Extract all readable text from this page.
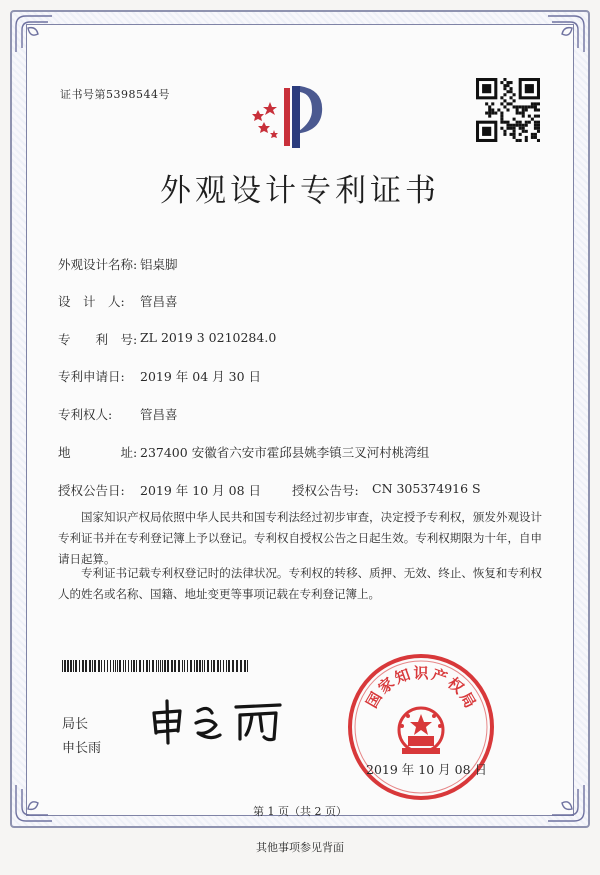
证书号第5398544号
外观设计专利证书
外观设计名称: 铝桌脚
设　计　人: 管昌喜
专　　利　号: ZL 2019 3 0210284.0
专利申请日: 2019 年 04 月 30 日
专利权人: 管昌喜
地　　　　址: 237400 安徽省六安市霍邱县姚李镇三叉河村桃湾组
授权公告日: 2019 年 10 月 08 日 授权公告号: CN 305374916 S
国家知识产权局依照中华人民共和国专利法经过初步审查，决定授予专利权，颁发外观设计专利证书并在专利登记簿上予以登记。专利权自授权公告之日起生效。专利权期限为十年，自申请日起算。
专利证书记载专利权登记时的法律状况。专利权的转移、质押、无效、终止、恢复和专利权人的姓名或名称、国籍、地址变更等事项记载在专利登记簿上。
局长
申长雨
国
家
知 识 产
权
局
2019 年 10 月 08 日
第 1 页（共 2 页）
其他事项参见背面
